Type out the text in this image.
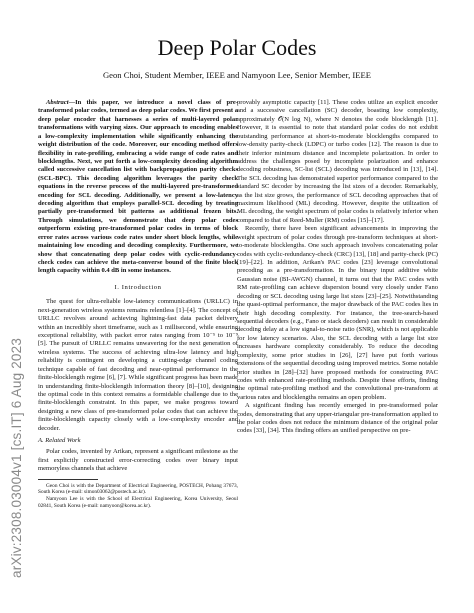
arXiv:2308.03004v1 [cs.IT] 6 Aug 2023
Deep Polar Codes
Geon Choi, Student Member, IEEE and Namyoon Lee, Senior Member, IEEE

Abstract—In this paper, we introduce a novel class of pre-transformed polar codes, termed as deep polar codes. We first present a deep polar encoder that harnesses a series of multi-layered polar transformations with varying sizes. Our approach to encoding enables a low-complexity implementation while significantly enhancing the weight distribution of the code. Moreover, our encoding method offers flexibility in rate-profiling, embracing a wide range of code rates and blocklengths. Next, we put forth a low-complexity decoding algorithm called successive cancellation list with backpropagation parity checks (SCL-BPC). This decoding algorithm leverages the parity check equations in the reverse process of the multi-layered pre-transformed encoding for SCL decoding. Additionally, we present a low-latency decoding algorithm that employs parallel-SCL decoding by treating partially pre-transformed bit patterns as additional frozen bits. Through simulations, we demonstrate that deep polar codes outperform existing pre-transformed polar codes in terms of block error rates across various code rates under short block lengths, while maintaining low encoding and decoding complexity. Furthermore, we show that concatenating deep polar codes with cyclic-redundancy-check codes can achieve the meta-converse bound of the finite block length capacity within 0.4 dB in some instances.

I. Introduction

The quest for ultra-reliable low-latency communications (URLLC) in next-generation wireless systems remains relentless [1]–[4]. The concept of URLLC revolves around achieving lightning-fast data packet delivery within an incredibly short timeframe, such as 1 millisecond, while ensuring exceptional reliability, with packet error rates ranging from 10⁻⁵ to 10⁻⁹ [5]. The pursuit of URLLC remains unwavering for the next generation of wireless systems. The success of achieving ultra-low latency and high reliability is contingent on developing a cutting-edge channel coding technique capable of fast decoding and near-optimal performance in the finite-blocklength regime [6], [7]. While significant progress has been made in understanding finite-blocklength information theory [8]–[10], designing the optimal code in this context remains a formidable challenge due to the finite-blocklength constraint. In this paper, we make progress toward designing a new class of pre-transformed polar codes that can achieve the finite-blocklength capacity closely with a low-complexity encoder and decoder.

A. Related Work

Polar codes, invented by Arikan, represent a significant milestone as the first explicitly constructed error-correcting codes over binary input memoryless channels that achieve

Geon Choi is with the Department of Electrical Engineering, POSTECH, Pohang 37673, South Korea (e-mail: simon03062@postech.ac.kr).

Namyoon Lee is with the School of Electrical Engineering, Korea University, Seoul 02841, South Korea (e-mail: namyoon@korea.ac.kr).

provably asymptotic capacity [11]. These codes utilize an explicit encoder and a successive cancellation (SC) decoder, boasting low complexity, approximately 𝒪(N log N), where N denotes the code blocklength [11]. However, it is essential to note that standard polar codes do not exhibit outstanding performance at short-to-moderate blocklengths compared to low-density parity-check (LDPC) or turbo codes [12]. The reason is due to their inferior minimum distance and incomplete polarization. In order to address the challenges posed by incomplete polarization and enhance decoding robustness, SC-list (SCL) decoding was introduced in [13], [14]. The SCL decoding has demonstrated superior performance compared to the standard SC decoder by increasing the list sizes of a decoder. Remarkably, as the list size grows, the performance of SCL decoding approaches that of maximum likelihood (ML) decoding. However, despite the utilization of ML decoding, the weight spectrum of polar codes is relatively inferior when compared to that of Reed-Muller (RM) codes [15]–[17].

Recently, there have been significant advancements in improving the weight spectrum of polar codes through pre-transform techniques at short-to-moderate blocklengths. One such approach involves concatenating polar codes with cyclic-redundancy-check (CRC) [13], [18] and parity-check (PC) [19]–[22]. In addition, Arikan's PAC codes [23] leverage convolutional precoding as a pre-transformation. In the binary input additive white Gaussian noise (BI-AWGN) channel, it turns out that the PAC codes with RM rate-profiling can achieve dispersion bound very closely under Fano decoding or SCL decoding using large list sizes [23]–[25]. Notwithstanding the quasi-optimal performance, the major drawback of the PAC codes lies in their high decoding complexity. For instance, the tree-search-based sequential decoders (e.g., Fano or stack decoders) can result in considerable decoding delay at a low signal-to-noise ratio (SNR), which is not applicable for low latency scenarios. Also, the SCL decoding with a large list size increases hardware complexity considerably. To reduce the decoding complexity, some prior studies in [26], [27] have put forth various extensions of the sequential decoding using improved metrics. Some notable prior studies in [28]–[32] have proposed methods for constructing PAC codes with enhanced rate-profiling methods. Despite these efforts, finding the optimal rate-profiling method and the convolutional pre-transform at various rates and blocklengths remains an open problem.

A significant finding has recently emerged in pre-transformed polar codes, demonstrating that any upper-triangular pre-transformation applied to the polar codes does not reduce the minimum distance of the original polar codes [33], [34]. This finding offers an unified perspective on pre-
